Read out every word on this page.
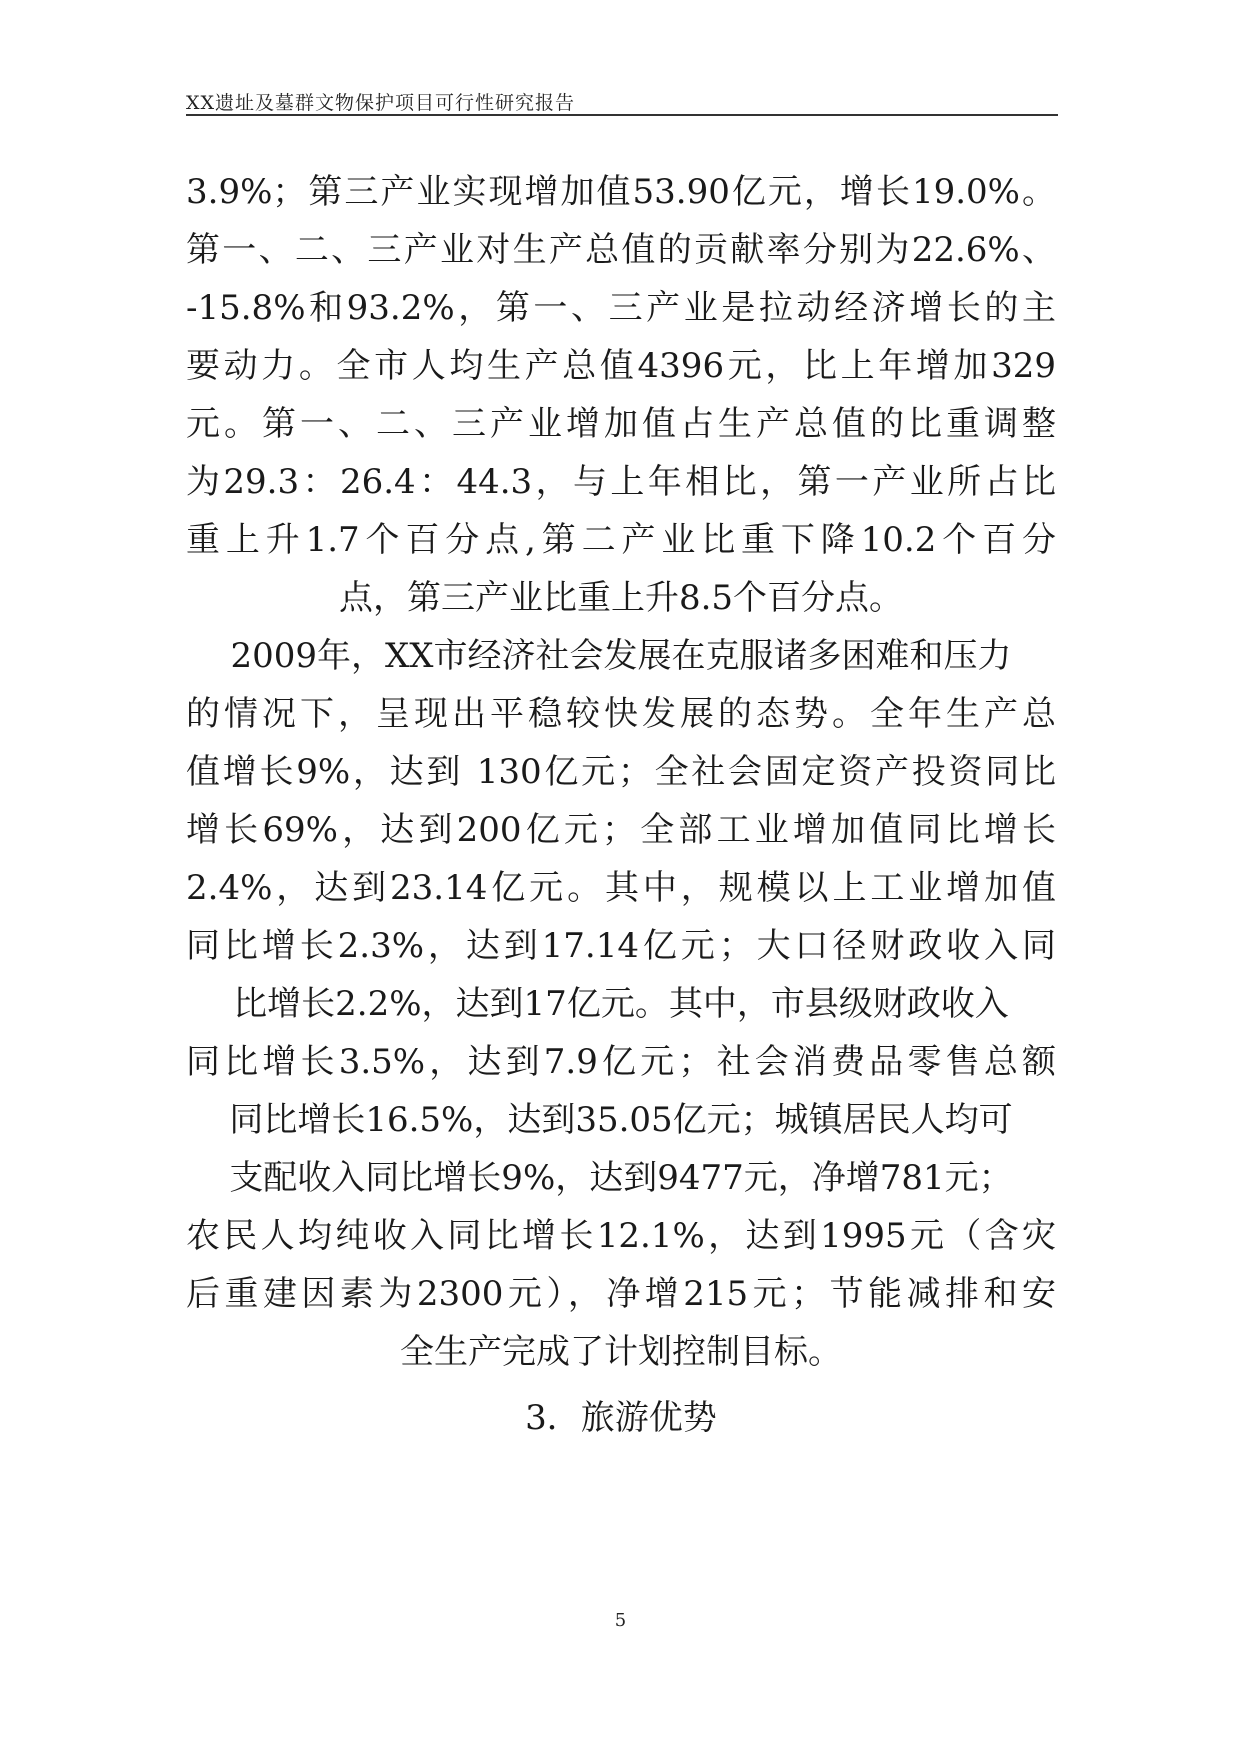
XX遗址及墓群文物保护项目可行性研究报告
3.9%；第三产业实现增加值53.90亿元，增长19.0%。
第一、二、三产业对生产总值的贡献率分别为22.6%、
-15.8%和93.2%，第一、三产业是拉动经济增长的主
要动力。全市人均生产总值4396元，比上年增加329
元。第一、二、三产业增加值占生产总值的比重调整
为29.3：26.4：44.3，与上年相比，第一产业所占比
重上升1.7个百分点,第二产业比重下降10.2个百分
点，第三产业比重上升8.5个百分点。
2009年，XX市经济社会发展在克服诸多困难和压力
的情况下，呈现出平稳较快发展的态势。全年生产总
值增长9%，达到 130亿元；全社会固定资产投资同比
增长69%，达到200亿元；全部工业增加值同比增长
2.4%，达到23.14亿元。其中，规模以上工业增加值
同比增长2.3%，达到17.14亿元；大口径财政收入同
比增长2.2%，达到17亿元。其中，市县级财政收入
同比增长3.5%，达到7.9亿元；社会消费品零售总额
同比增长16.5%，达到35.05亿元；城镇居民人均可
支配收入同比增长9%，达到9477元，净增781元；
农民人均纯收入同比增长12.1%，达到1995元（含灾
后重建因素为2300元），净增215元；节能减排和安
全生产完成了计划控制目标。
3．旅游优势
5
